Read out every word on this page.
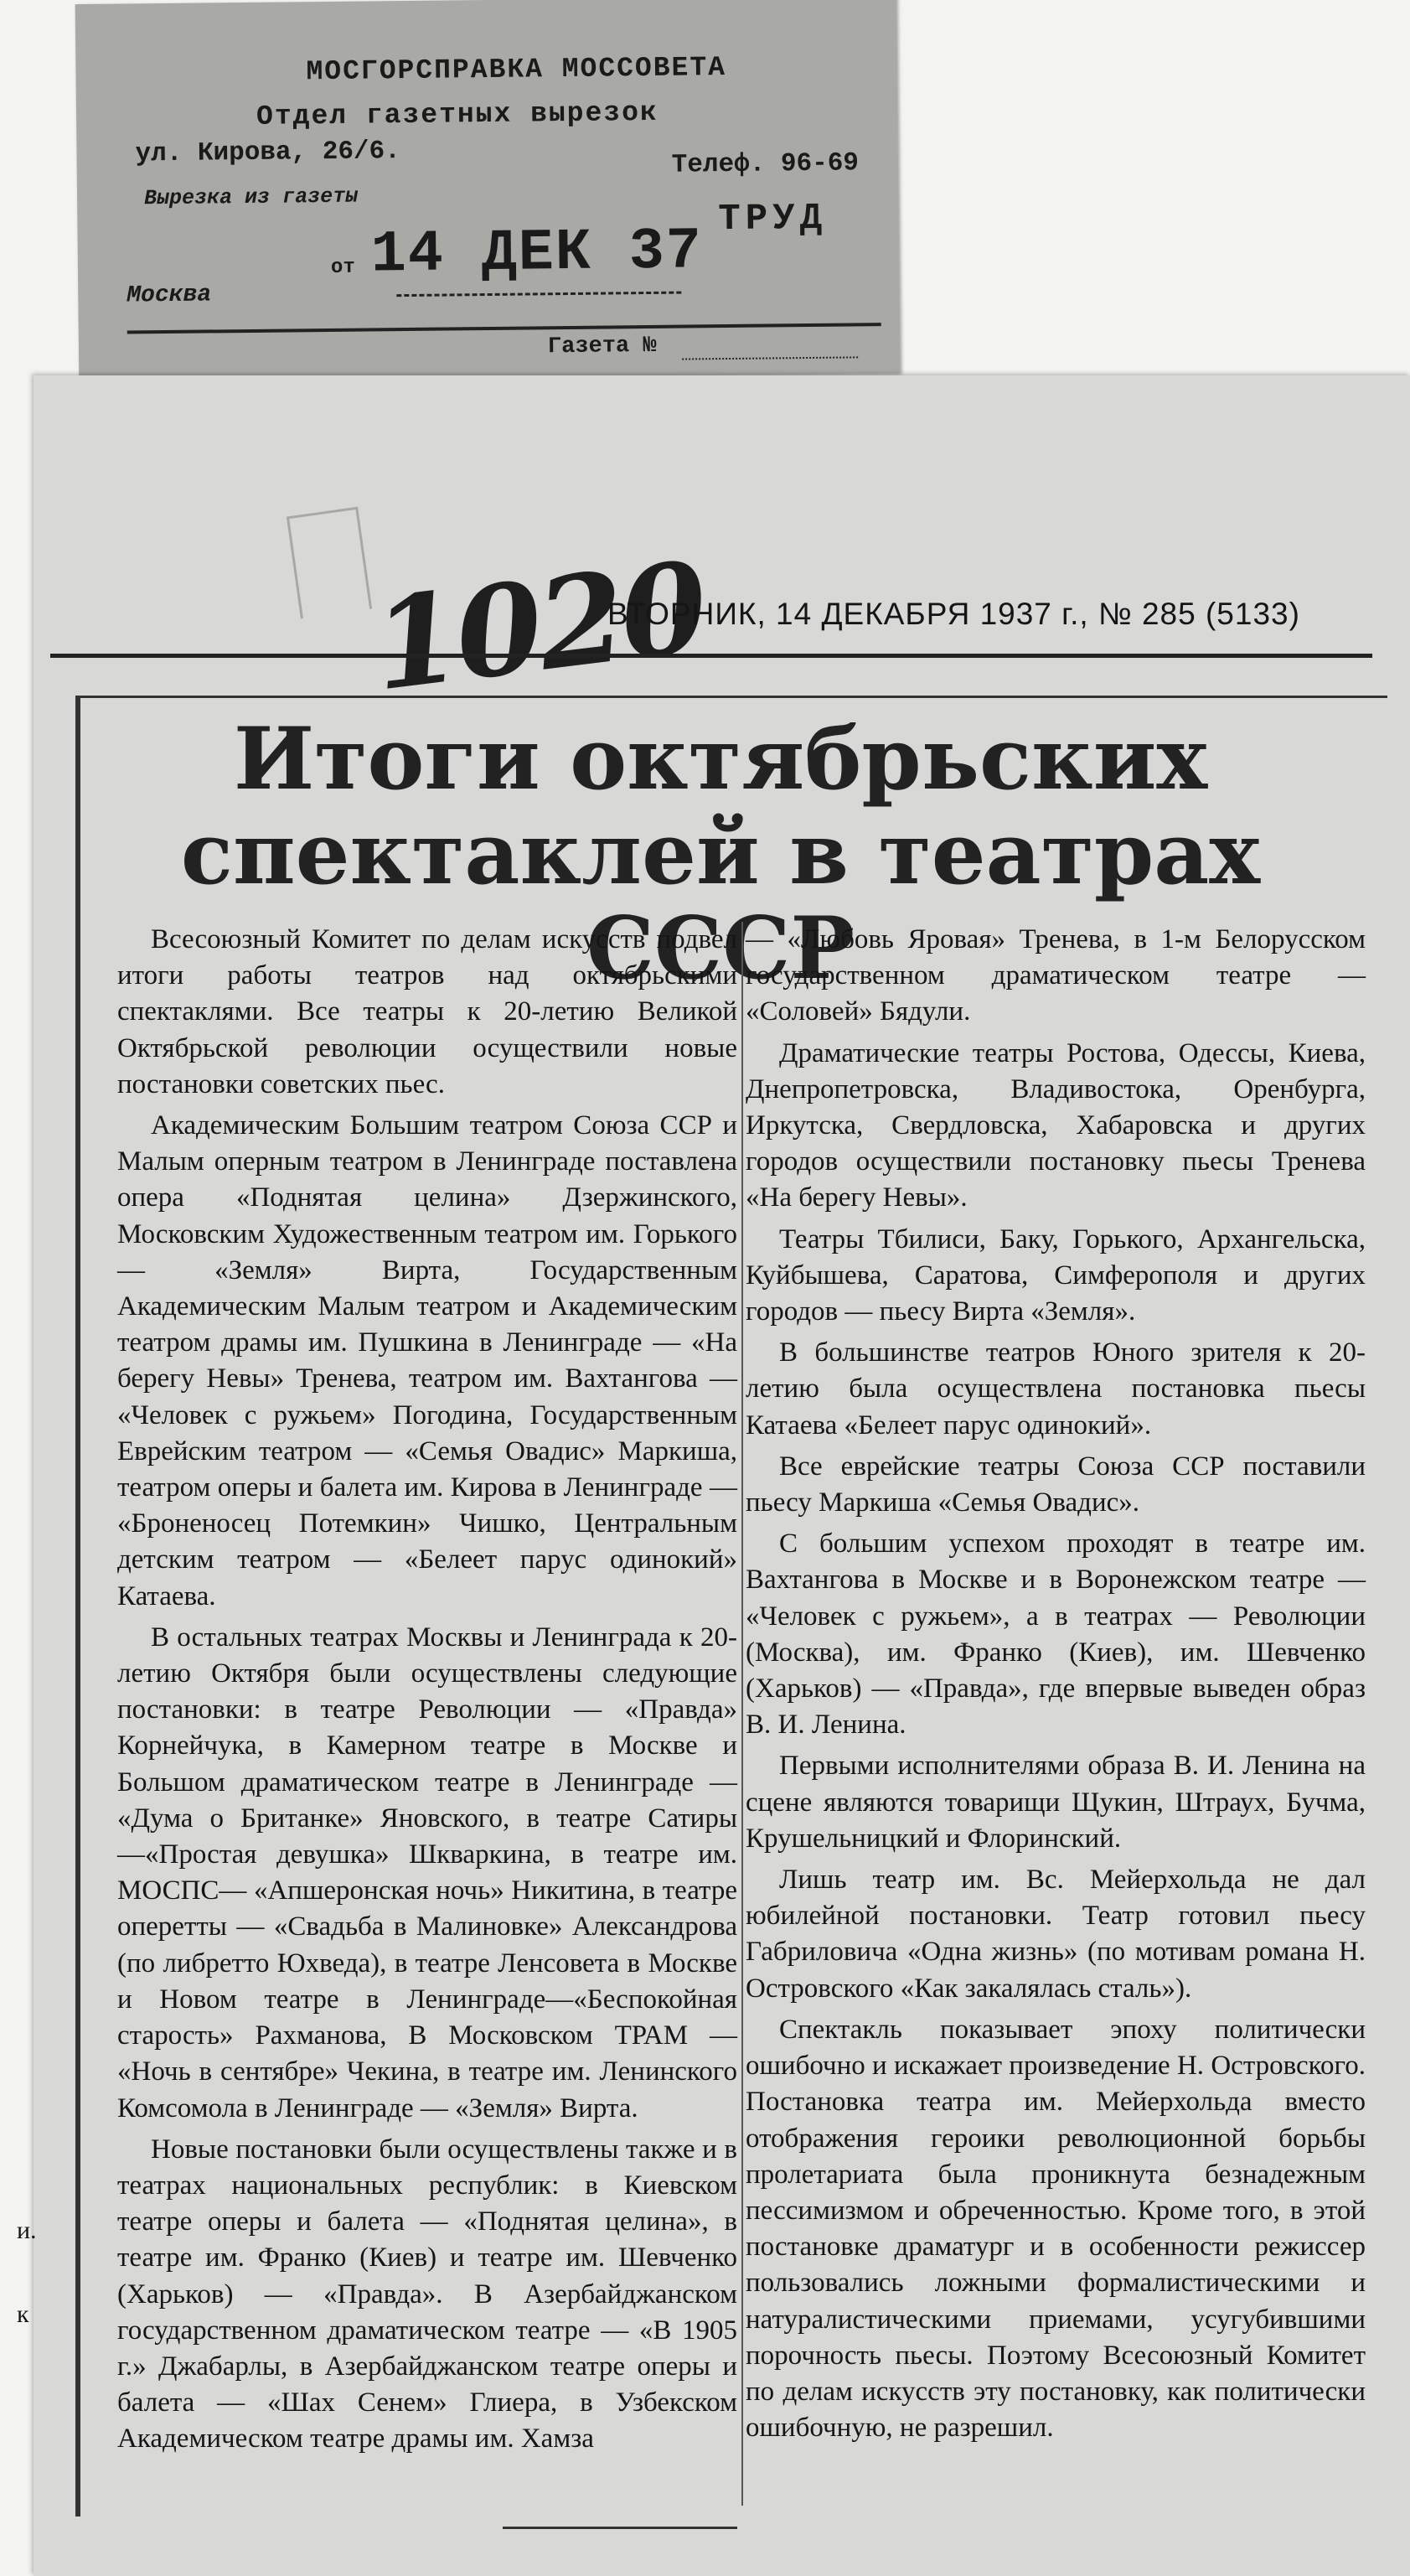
МОСГОРСПРАВКА МОССОВЕТА
Отдел газетных вырезок
ул. Кирова, 26/6.	Телеф. 96-69
Вырезка из газеты
ТРУД
от 14 ДЕК 37
Москва
Газета №
1020
ВТОРНИК, 14 ДЕКАБРЯ 1937 г., № 285 (5133)
Итоги октябрьских
спектаклей в театрах СССР

Всесоюзный Комитет по делам искусств подвел итоги работы театров над октябрьскими спектаклями. Все театры к 20-летию Великой Октябрьской революции осуществили новые постановки советских пьес.

Академическим Большим театром Союза ССР и Малым оперным театром в Ленинграде поставлена опера «Поднятая целина» Дзержинского, Московским Художественным театром им. Горького — «Земля» Вирта, Государственным Академическим Малым театром и Академическим театром драмы им. Пушкина в Ленинграде — «На берегу Невы» Тренева, театром им. Вахтангова — «Человек с ружьем» Погодина, Государственным Еврейским театром — «Семья Овадис» Маркиша, театром оперы и балета им. Кирова в Ленинграде — «Броненосец Потемкин» Чишко, Центральным детским театром — «Белеет парус одинокий» Катаева.

В остальных театрах Москвы и Ленинграда к 20-летию Октября были осуществлены следующие постановки: в театре Революции — «Правда» Корнейчука, в Камерном театре в Москве и Большом драматическом театре в Ленинграде — «Дума о Британке» Яновского, в театре Сатиры—«Простая девушка» Шкваркина, в театре им. МОСПС— «Апшеронская ночь» Никитина, в театре оперетты — «Свадьба в Малиновке» Александрова (по либретто Юхведа), в театре Ленсовета в Москве и Новом театре в Ленинграде—«Беспокойная старость» Рахманова, В Московском ТРАМ — «Ночь в сентябре» Чекина, в театре им. Ленинского Комсомола в Ленинграде — «Земля» Вирта.

Новые постановки были осуществлены также и в театрах национальных республик: в Киевском театре оперы и балета — «Поднятая целина», в театре им. Франко (Киев) и театре им. Шевченко (Харьков) — «Правда». В Азербайджанском государственном драматическом театре — «В 1905 г.» Джабарлы, в Азербайджанском театре оперы и балета — «Шах Сенем» Глиера, в Узбекском Академическом театре драмы им. Хамза

— «Любовь Яровая» Тренева, в 1-м Белорусском государственном драматическом театре — «Соловей» Бядули.

Драматические театры Ростова, Одессы, Киева, Днепропетровска, Владивостока, Оренбурга, Иркутска, Свердловска, Хабаровска и других городов осуществили постановку пьесы Тренева «На берегу Невы».

Театры Тбилиси, Баку, Горького, Архангельска, Куйбышева, Саратова, Симферополя и других городов — пьесу Вирта «Земля».

В большинстве театров Юного зрителя к 20-летию была осуществлена постановка пьесы Катаева «Белеет парус одинокий».

Все еврейские театры Союза ССР поставили пьесу Маркиша «Семья Овадис».

С большим успехом проходят в театре им. Вахтангова в Москве и в Воронежском театре — «Человек с ружьем», а в театрах — Революции (Москва), им. Франко (Киев), им. Шевченко (Харьков) — «Правда», где впервые выведен образ В. И. Ленина.

Первыми исполнителями образа В. И. Ленина на сцене являются товарищи Щукин, Штраух, Бучма, Крушельницкий и Флоринский.

Лишь театр им. Вс. Мейерхольда не дал юбилейной постановки. Театр готовил пьесу Габриловича «Одна жизнь» (по мотивам романа Н. Островского «Как закалялась сталь»).

Спектакль показывает эпоху политически ошибочно и искажает произведение Н. Островского. Постановка театра им. Мейерхольда вместо отображения героики революционной борьбы пролетариата была проникнута безнадежным пессимизмом и обреченностью. Кроме того, в этой постановке драматург и в особенности режиссер пользовались ложными формалистическими и натуралистическими приемами, усугубившими порочность пьесы. Поэтому Всесоюзный Комитет по делам искусств эту постановку, как политически ошибочную, не разрешил.

и.
к
